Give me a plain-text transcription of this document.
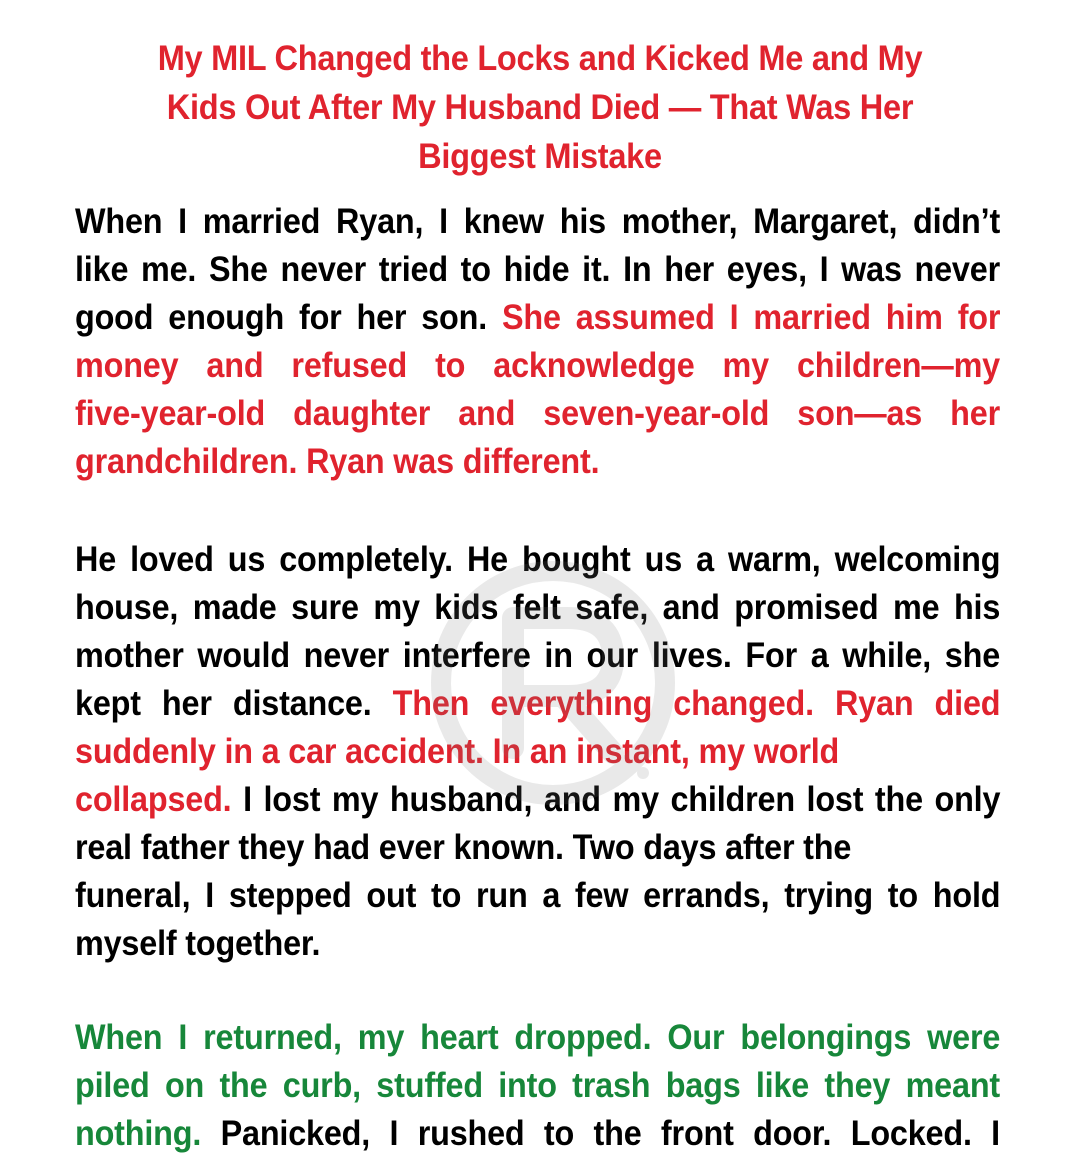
My MIL Changed the Locks and Kicked Me and My
Kids Out After My Husband Died — That Was Her
Biggest Mistake
When I married Ryan, I knew his mother, Margaret, didn’t
like me. She never tried to hide it. In her eyes, I was never
good enough for her son. She assumed I married him for
money and refused to acknowledge my children—my
five-year-old daughter and seven-year-old son—as her
grandchildren. Ryan was different.
He loved us completely. He bought us a warm, welcoming
house, made sure my kids felt safe, and promised me his
mother would never interfere in our lives. For a while, she
kept her distance. Then everything changed. Ryan died
suddenly in a car accident. In an instant, my world
collapsed. I lost my husband, and my children lost the only
real father they had ever known. Two days after the
funeral, I stepped out to run a few errands, trying to hold
myself together.
When I returned, my heart dropped. Our belongings were
piled on the curb, stuffed into trash bags like they meant
nothing. Panicked, I rushed to the front door. Locked. I
